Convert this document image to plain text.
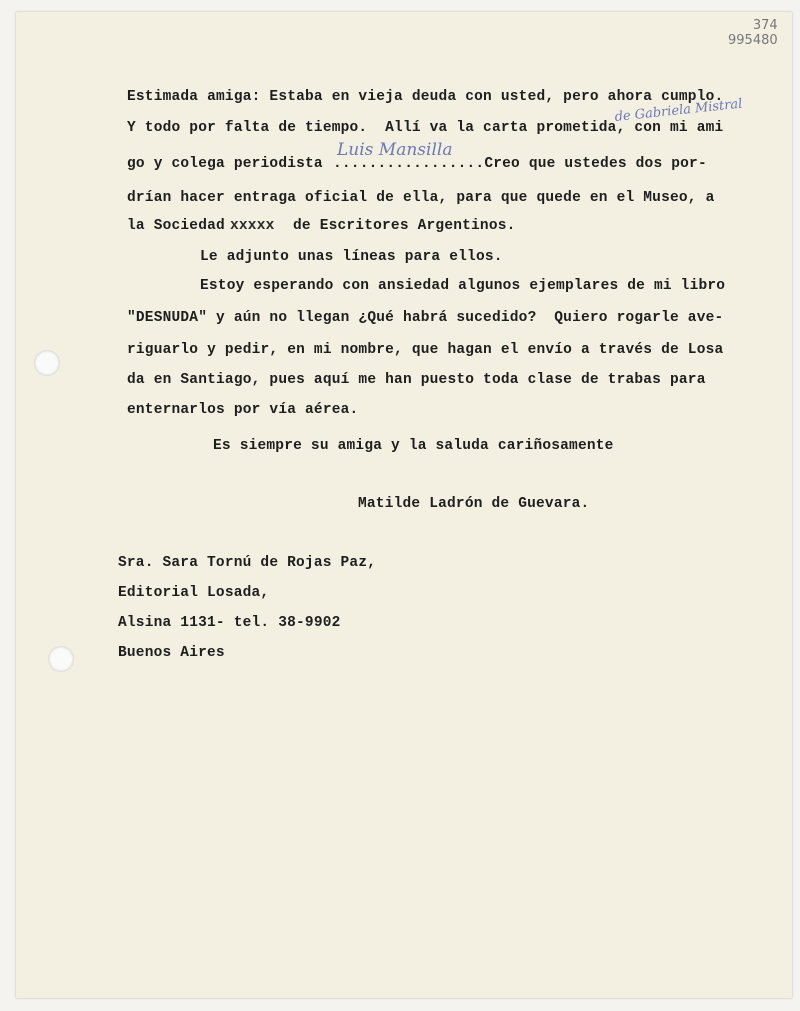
374
995480
Estimada amiga: Estaba en vieja deuda con usted, pero ahora cumplo.
Y todo por falta de tiempo.  Allí va la carta prometida, con mi ami
go y colega periodista .................Creo que ustedes dos por-
drían hacer entraga oficial de ella, para que quede en el Museo, a
la Sociedad xxxxx de Escritores Argentinos.
de Gabriela Mistral
Luis Mansilla
Le adjunto unas líneas para ellos.
Estoy esperando con ansiedad algunos ejemplares de mi libro
"DESNUDA" y aún no llegan ¿Qué habrá sucedido?  Quiero rogarle ave-
riguarlo y pedir, en mi nombre, que hagan el envío a través de Losa
da en Santiago, pues aquí me han puesto toda clase de trabas para
enternarlos por vía aérea.
Es siempre su amiga y la saluda cariñosamente
Matilde Ladrón de Guevara.
Sra. Sara Tornú de Rojas Paz,
Editorial Losada,
Alsina 1131- tel. 38-9902
Buenos Aires
